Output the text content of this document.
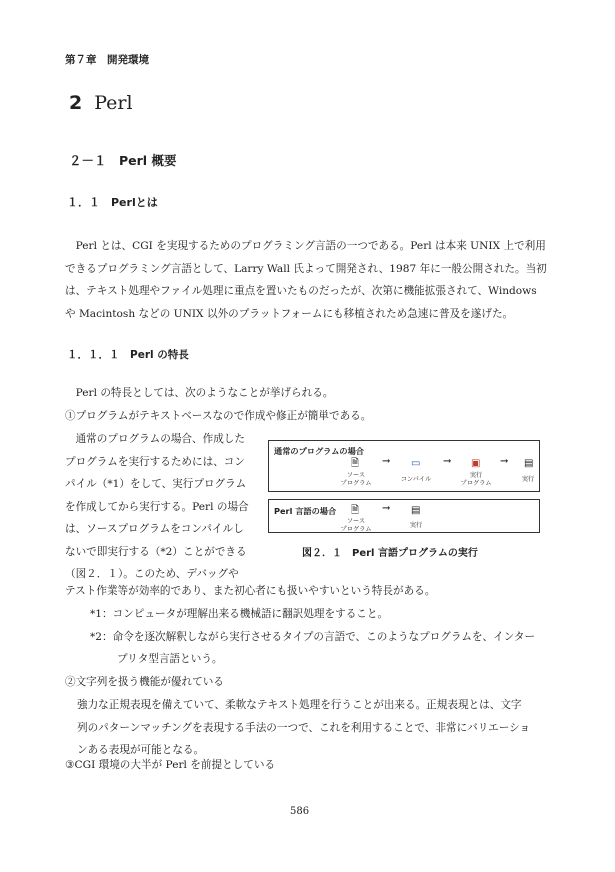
第７章　開発環境
2 Perl
２－１　Perl 概要
１．１　Perlとは
　Perl とは、CGI を実現するためのプログラミング言語の一つである。Perl は本来 UNIX 上で利用
できるプログラミング言語として、Larry Wall 氏よって開発され、1987 年に一般公開された。当初
は、テキスト処理やファイル処理に重点を置いたものだったが、次第に機能拡張されて、Windows
や Macintosh などの UNIX 以外のプラットフォームにも移植されため急速に普及を遂げた。
１．１．１　Perl の特長
　Perl の特長としては、次のようなことが挙げられる。
①プログラムがテキストベースなので作成や修正が簡単である。
　通常のプログラムの場合、作成した
プログラムを実行するためには、コン
パイル（*1）をして、実行プログラム
を作成してから実行する。Perl の場合
は、ソースプログラムをコンパイルし
ないで即実行する（*2）ことができる
（図２．１）。このため、デバッグや
テスト作業等が効率的であり、また初心者にも扱いやすいという特長がある。
*1：コンピュータが理解出来る機械語に翻訳処理をすること。
*2：命令を逐次解釈しながら実行させるタイプの言語で、このようなプログラムを、インター
プリタ型言語という。
②文字列を扱う機能が優れている
強力な正規表現を備えていて、柔軟なテキスト処理を行うことが出来る。正規表現とは、文字
列のパターンマッチングを表現する手法の一つで、これを利用することで、非常にバリエーショ
ンある表現が可能となる。
③CGI 環境の大半が Perl を前提としている
通常のプログラムの場合
🗎 → ▭ → ▣ → ▤
ソース
プログラム
コンパイル
実行
プログラム
実行
Perl 言語の場合 🗎 → ▤
ソース
プログラム
実行
図２．１　Perl 言語プログラムの実行
586
